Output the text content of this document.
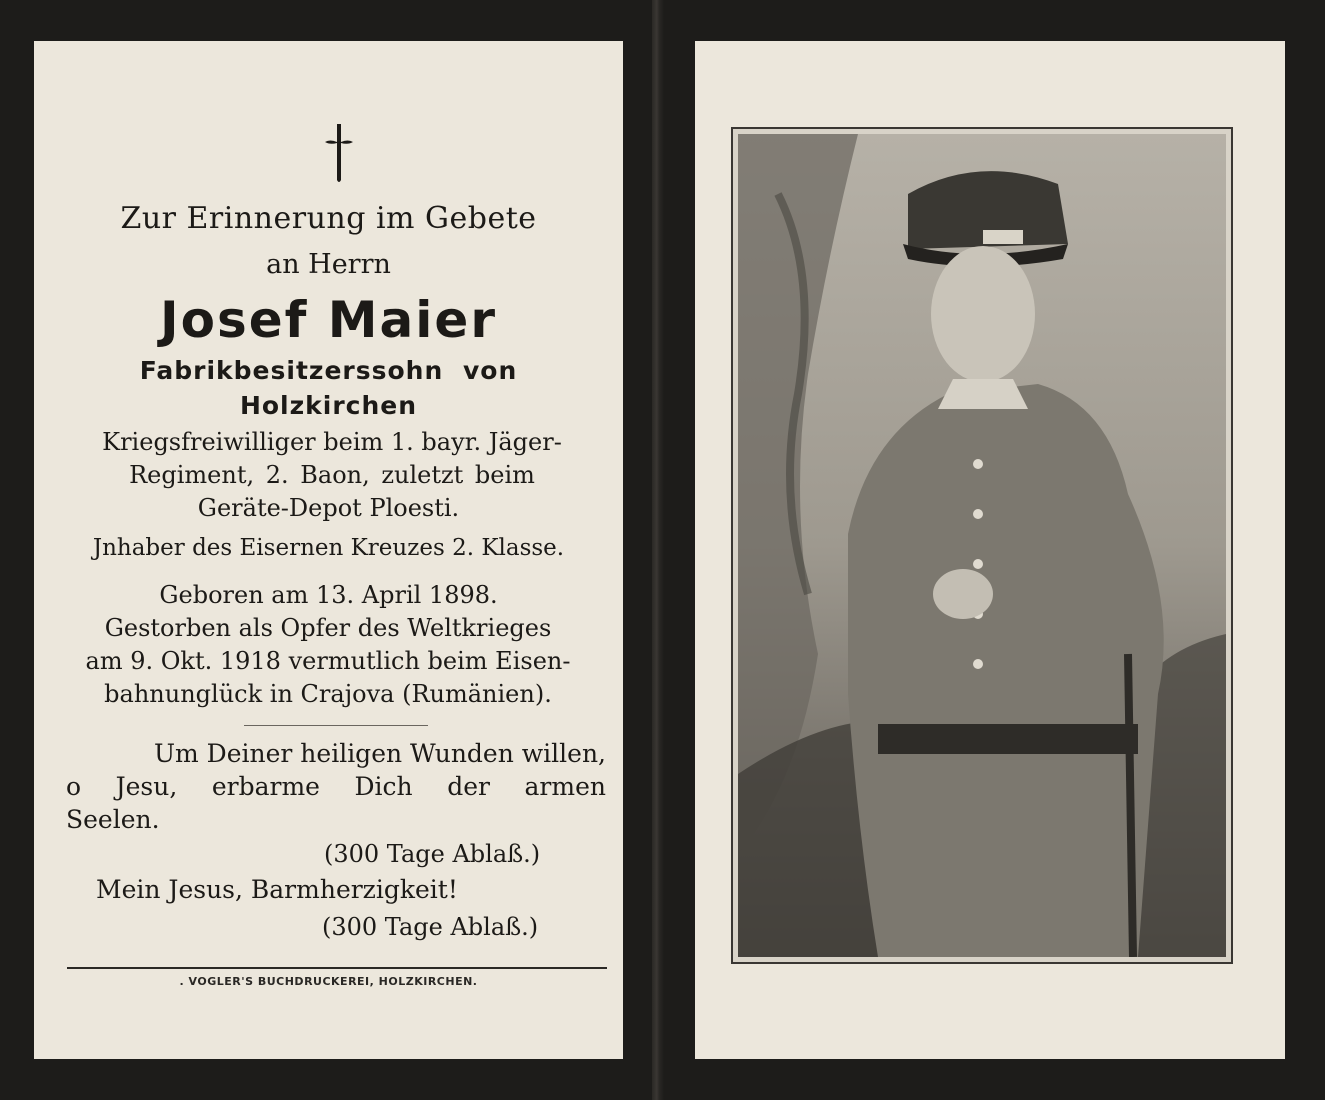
Zur Erinnerung im Gebete
an Herrn
Josef Maier
Fabrikbesitzerssohn von
Holzkirchen
Kriegsfreiwilliger beim 1. bayr. Jäger-
Regiment, 2. Baon, zuletzt beim
Geräte-Depot Ploesti.
Jnhaber des Eisernen Kreuzes 2. Klasse.
Geboren am 13. April 1898.
Gestorben als Opfer des Weltkrieges
am 9. Okt. 1918 vermutlich beim Eisen-
bahnunglück in Crajova (Rumänien).
Um Deiner heiligen Wunden willen,
o Jesu, erbarme Dich der armen
Seelen.
(300 Tage Ablaß.)
Mein Jesus, Barmherzigkeit!
(300 Tage Ablaß.)
. VOGLER'S BUCHDRUCKEREI, HOLZKIRCHEN.
